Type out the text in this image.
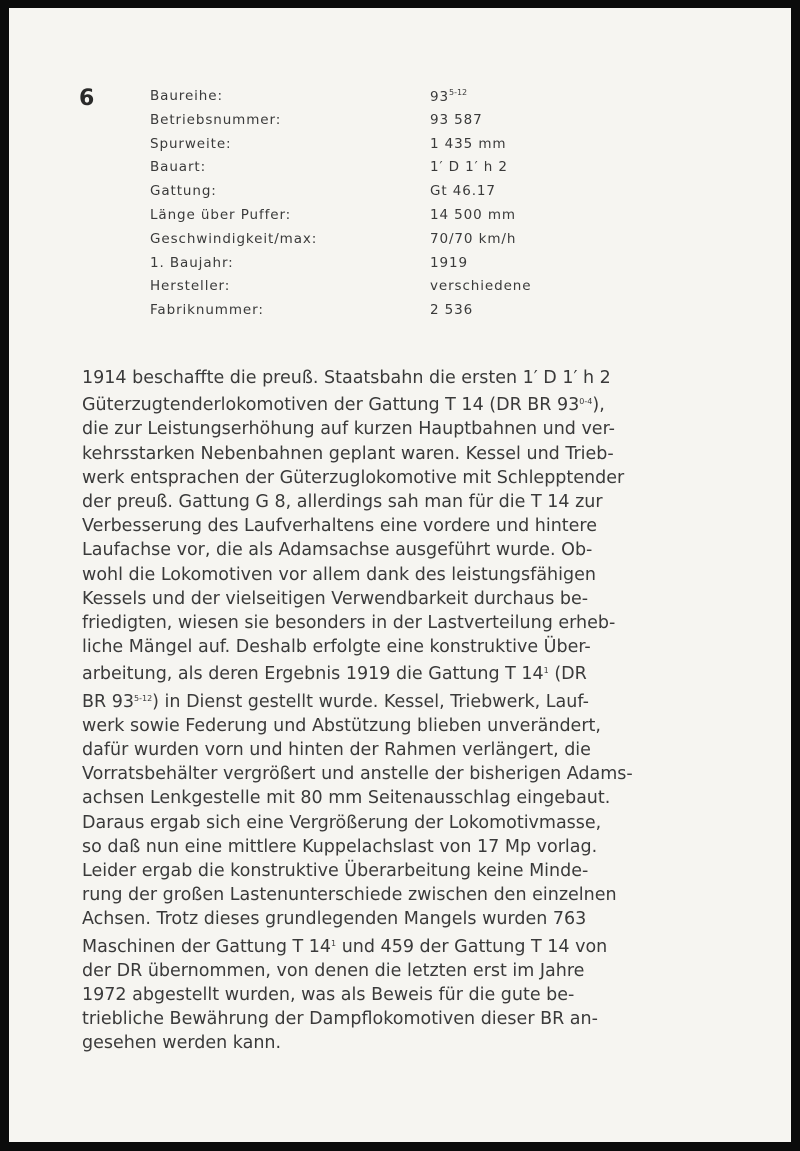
6	Baureihe:	93$^{5-12}$
Betriebsnummer:	93 587
Spurweite:	1 435 mm
Bauart:	1′ D 1′ h 2
Gattung:	Gt 46.17
Länge über Puffer:	14 500 mm
Geschwindigkeit/max:	70/70 km/h
1. Baujahr:	1919
Hersteller:	verschiedene
Fabriknummer:	2 536
1914 beschaffte die preuß. Staatsbahn die ersten 1′ D 1′ h 2
Güterzugtenderlokomotiven der Gattung T 14 (DR BR 93$^{0-4}$),
die zur Leistungserhöhung auf kurzen Hauptbahnen und ver-
kehrsstarken Nebenbahnen geplant waren. Kessel und Trieb-
werk entsprachen der Güterzuglokomotive mit Schlepptender
der preuß. Gattung G 8, allerdings sah man für die T 14 zur
Verbesserung des Laufverhaltens eine vordere und hintere
Laufachse vor, die als Adamsachse ausgeführt wurde. Ob-
wohl die Lokomotiven vor allem dank des leistungsfähigen
Kessels und der vielseitigen Verwendbarkeit durchaus be-
friedigten, wiesen sie besonders in der Lastverteilung erheb-
liche Mängel auf. Deshalb erfolgte eine konstruktive Über-
arbeitung, als deren Ergebnis 1919 die Gattung T $14^1$ (DR
BR 93$^{5-12}$) in Dienst gestellt wurde. Kessel, Triebwerk, Lauf-
werk sowie Federung und Abstützung blieben unverändert,
dafür wurden vorn und hinten der Rahmen verlängert, die
Vorratsbehälter vergrößert und anstelle der bisherigen Adams-
achsen Lenkgestelle mit 80 mm Seitenausschlag eingebaut.
Daraus ergab sich eine Vergrößerung der Lokomotivmasse,
so daß nun eine mittlere Kuppelachslast von 17 Mp vorlag.
Leider ergab die konstruktive Überarbeitung keine Minde-
rung der großen Lastenunterschiede zwischen den einzelnen
Achsen. Trotz dieses grundlegenden Mangels wurden 763
Maschinen der Gattung T $14^1$ und 459 der Gattung T 14 von
der DR übernommen, von denen die letzten erst im Jahre
1972 abgestellt wurden, was als Beweis für die gute be-
triebliche Bewährung der Dampflokomotiven dieser BR an-
gesehen werden kann.
